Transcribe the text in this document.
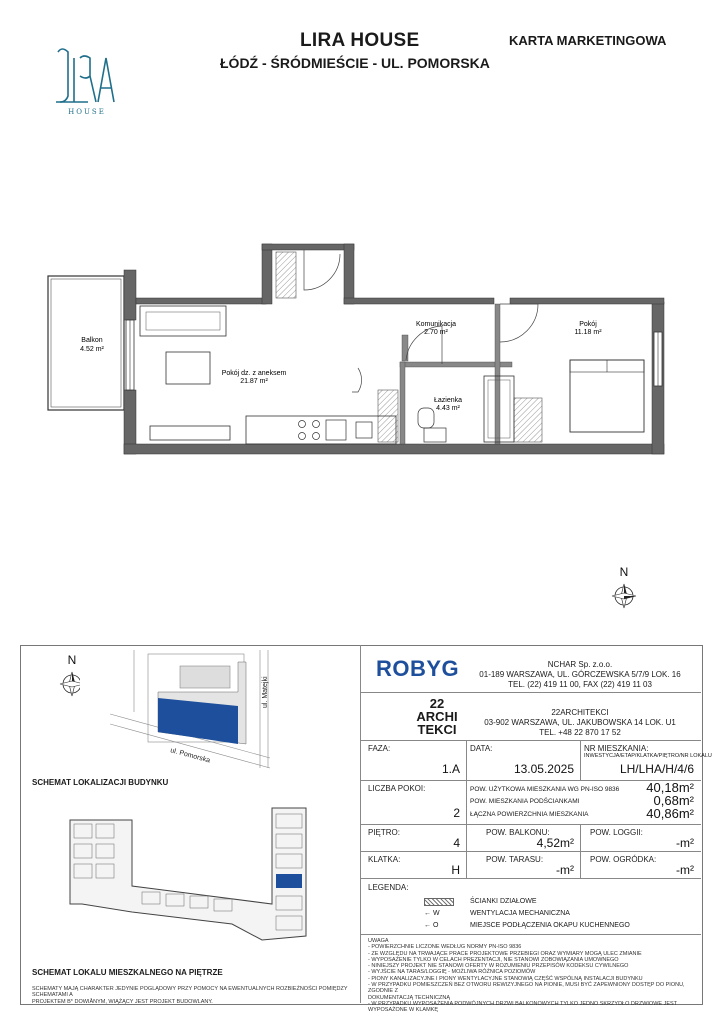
LIRA HOUSE
ŁÓDŹ - ŚRÓDMIEŚCIE - UL. POMORSKA
KARTA MARKETINGOWA
HOUSE
Balkon
4.52 m²
Komunikacja
2.70 m²
Pokój
11.18 m²
Pokój dz. z aneksem
21.87 m²
Łazienka
4.43 m²
N
N
ul. Matejki
ul. Pomorska
SCHEMAT LOKALIZACJI BUDYNKU
SCHEMAT LOKALU MIESZKALNEGO NA PIĘTRZE
SCHEMATY MAJĄ CHARAKTER JEDYNIE POGLĄDOWY PRZY POMOCY NA EWENTUALNYCH ROZBIEŻNOŚCI POMIĘDZY SCHEMATAMI A
PROJEKTEM B* DOWIÅNYM, WIĄŻĄCY JEST PROJEKT BUDOWLANY.
ROBYG	NCHAR Sp. z.o.o.
01-189 WARSZAWA, UL. GÓRCZEWSKA 5/7/9 LOK. 16
TEL. (22) 419 11 00, FAX (22) 419 11 03
22
ARCHI
TEKCI
22ARCHITEKCI
03-902 WARSZAWA, UL. JAKUBOWSKA 14 LOK. U1
TEL. +48 22 870 17 52
FAZA:
1.A
DATA:
13.05.2025
NR MIESZKANIA:
INWESTYCJA/ETAP/KLATKA/PIĘTRO/NR LOKALU
LH/LHA/H/4/6
LICZBA POKOI:
2
POW. UŻYTKOWA MIESZKANIA WG PN-ISO 9836	40,18m²
POW. MIESZKANIA PODŚCIANKAMI	0,68m²
ŁĄCZNA POWIERZCHNIA MIESZKANIA	40,86m²
PIĘTRO:
4
POW. BALKONU:
4,52m²
POW. LOGGII:
-m²
KLATKA:
H
POW. TARASU:
-m²
POW. OGRÓDKA:
-m²
LEGENDA:
ŚCIANKI DZIAŁOWE
← W	WENTYLACJA MECHANICZNA
← O	MIEJSCE PODŁĄCZENIA OKAPU KUCHENNEGO
UWAGA
- POWIERZCHNIE LICZONE WEDŁUG NORMY PN-ISO 9836
- ZE WZGLĘDU NA TRWAJĄCE PRACE PROJEKTOWE PRZEBIEGI ORAZ WYMIARY MOGĄ ULEC ZMIANIE
- WYPOSAŻENIE TYLKO W CELACH PREZENTACJI, NIE STANOWI ZOBOWIĄZANIA UMOWNEGO
- NINIEJSZY PROJEKT NIE STANOWI OFERTY W ROZUMIENIU PRZEPISÓW KODEKSU CYWILNEGO
- WYJŚCIE NA TARAS/LOGGIĘ - MOŻLIWA RÓŻNICA POZIOMÓW
- PIONY KANALIZACYJNE I PIONY WENTYLACYJNE STANOWIĄ CZĘŚĆ WSPÓLNĄ INSTALACJI BUDYNKU
- W PRZYPADKU POMIESZCZEŃ BEZ OTWORU REWIZYJNEGO NA PIONIE, MUSI BYĆ ZAPEWNIONY DOSTĘP DO PIONU, ZGODNIE Z
DOKUMENTACJĄ TECHNICZNĄ
- W PRZYPADKU WYPOSAŻENIA PODWÓJNYCH DRZWI BALKONOWYCH TYLKO JEDNO SKRZYDŁO DRZWIOWE JEST
WYPOSAŻONE W KLAMKĘ
